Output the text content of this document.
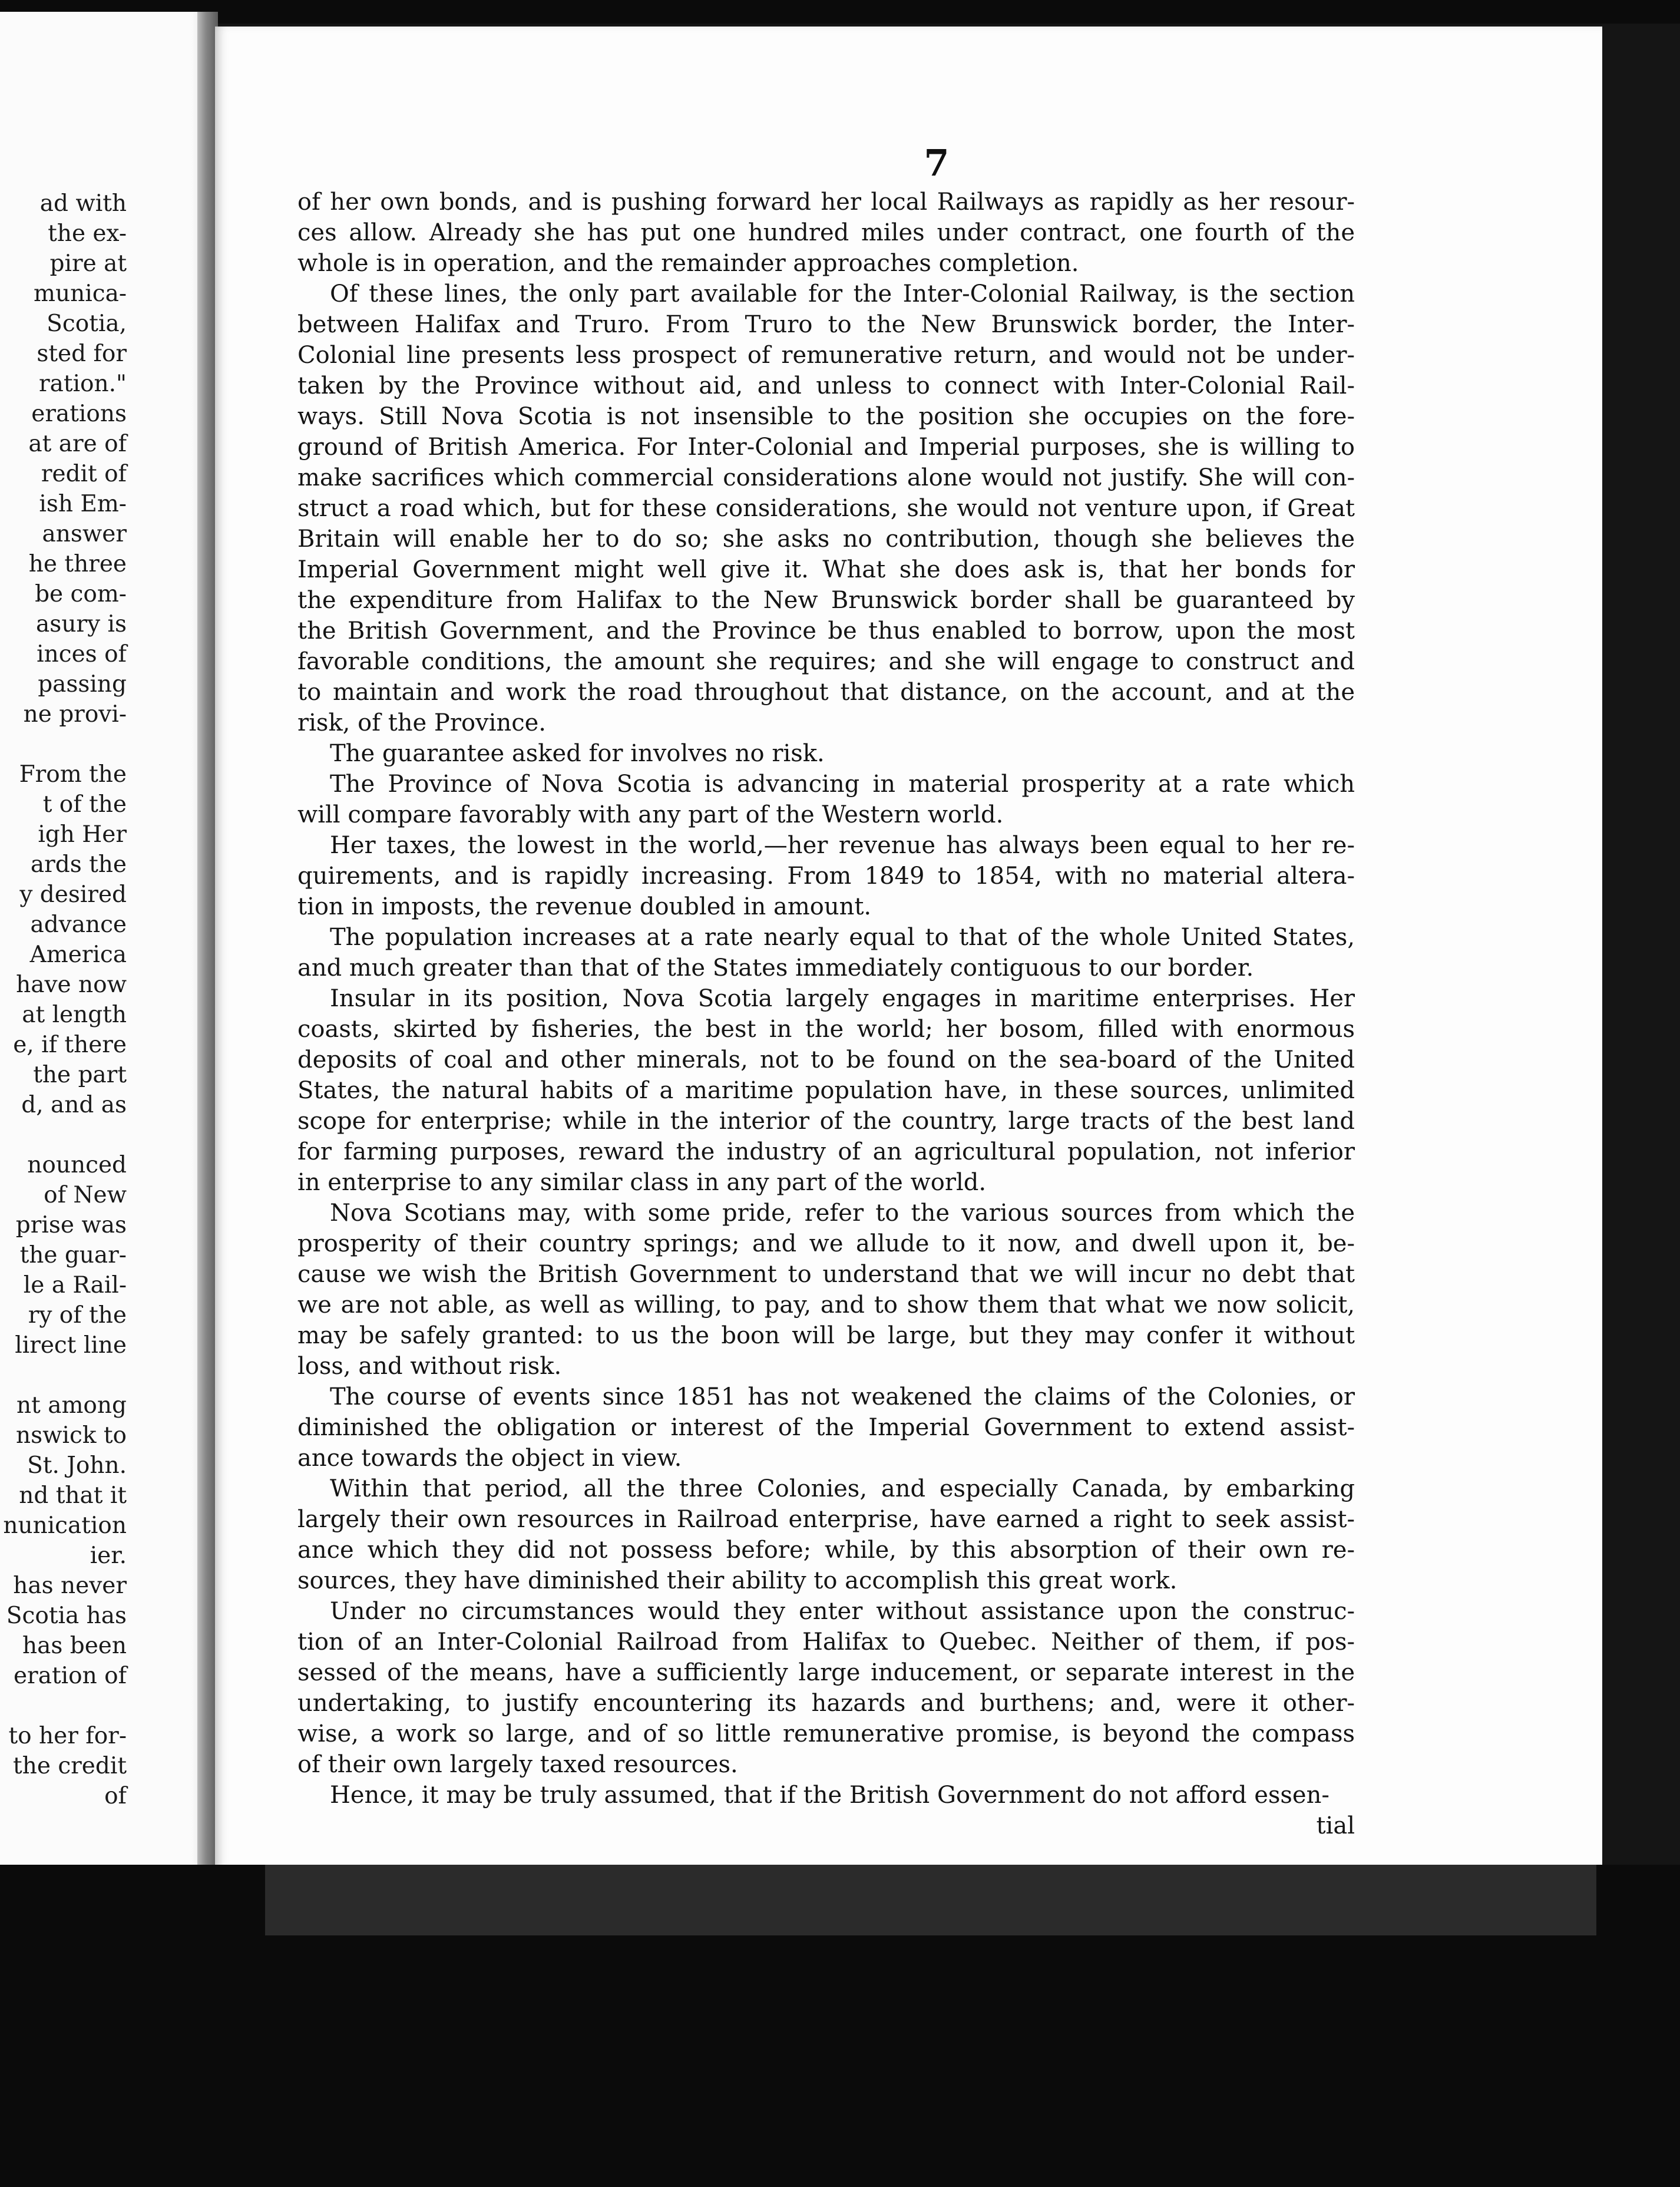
ad with
the ex-
pire at
munica-
Scotia,
sted for
ration."
erations
at are of
redit of
ish Em-
answer
he three
be com-
asury is
inces of
passing
ne provi-
From the
t of the
igh Her
ards the
y desired
advance
America
have now
at length
e, if there
the part
d, and as
nounced
of New
prise was
the guar-
le a Rail-
ry of the
lirect line
nt among
nswick to
St. John.
nd that it
nunication
ier.
has never
Scotia has
has been
eration of
to her for-
the credit
of
7
of her own bonds, and is pushing forward her local Railways as rapidly as her resour-
ces allow. Already she has put one hundred miles under contract, one fourth of the
whole is in operation, and the remainder approaches completion.
Of these lines, the only part available for the Inter-Colonial Railway, is the section
between Halifax and Truro. From Truro to the New Brunswick border, the Inter-
Colonial line presents less prospect of remunerative return, and would not be under-
taken by the Province without aid, and unless to connect with Inter-Colonial Rail-
ways. Still Nova Scotia is not insensible to the position she occupies on the fore-
ground of British America. For Inter-Colonial and Imperial purposes, she is willing to
make sacrifices which commercial considerations alone would not justify. She will con-
struct a road which, but for these considerations, she would not venture upon, if Great
Britain will enable her to do so; she asks no contribution, though she believes the
Imperial Government might well give it. What she does ask is, that her bonds for
the expenditure from Halifax to the New Brunswick border shall be guaranteed by
the British Government, and the Province be thus enabled to borrow, upon the most
favorable conditions, the amount she requires; and she will engage to construct and
to maintain and work the road throughout that distance, on the account, and at the
risk, of the Province.
The guarantee asked for involves no risk.
The Province of Nova Scotia is advancing in material prosperity at a rate which
will compare favorably with any part of the Western world.
Her taxes, the lowest in the world,—her revenue has always been equal to her re-
quirements, and is rapidly increasing. From 1849 to 1854, with no material altera-
tion in imposts, the revenue doubled in amount.
The population increases at a rate nearly equal to that of the whole United States,
and much greater than that of the States immediately contiguous to our border.
Insular in its position, Nova Scotia largely engages in maritime enterprises. Her
coasts, skirted by fisheries, the best in the world; her bosom, filled with enormous
deposits of coal and other minerals, not to be found on the sea-board of the United
States, the natural habits of a maritime population have, in these sources, unlimited
scope for enterprise; while in the interior of the country, large tracts of the best land
for farming purposes, reward the industry of an agricultural population, not inferior
in enterprise to any similar class in any part of the world.
Nova Scotians may, with some pride, refer to the various sources from which the
prosperity of their country springs; and we allude to it now, and dwell upon it, be-
cause we wish the British Government to understand that we will incur no debt that
we are not able, as well as willing, to pay, and to show them that what we now solicit,
may be safely granted: to us the boon will be large, but they may confer it without
loss, and without risk.
The course of events since 1851 has not weakened the claims of the Colonies, or
diminished the obligation or interest of the Imperial Government to extend assist-
ance towards the object in view.
Within that period, all the three Colonies, and especially Canada, by embarking
largely their own resources in Railroad enterprise, have earned a right to seek assist-
ance which they did not possess before; while, by this absorption of their own re-
sources, they have diminished their ability to accomplish this great work.
Under no circumstances would they enter without assistance upon the construc-
tion of an Inter-Colonial Railroad from Halifax to Quebec. Neither of them, if pos-
sessed of the means, have a sufficiently large inducement, or separate interest in the
undertaking, to justify encountering its hazards and burthens; and, were it other-
wise, a work so large, and of so little remunerative promise, is beyond the compass
of their own largely taxed resources.
Hence, it may be truly assumed, that if the British Government do not afford essen-
tial
